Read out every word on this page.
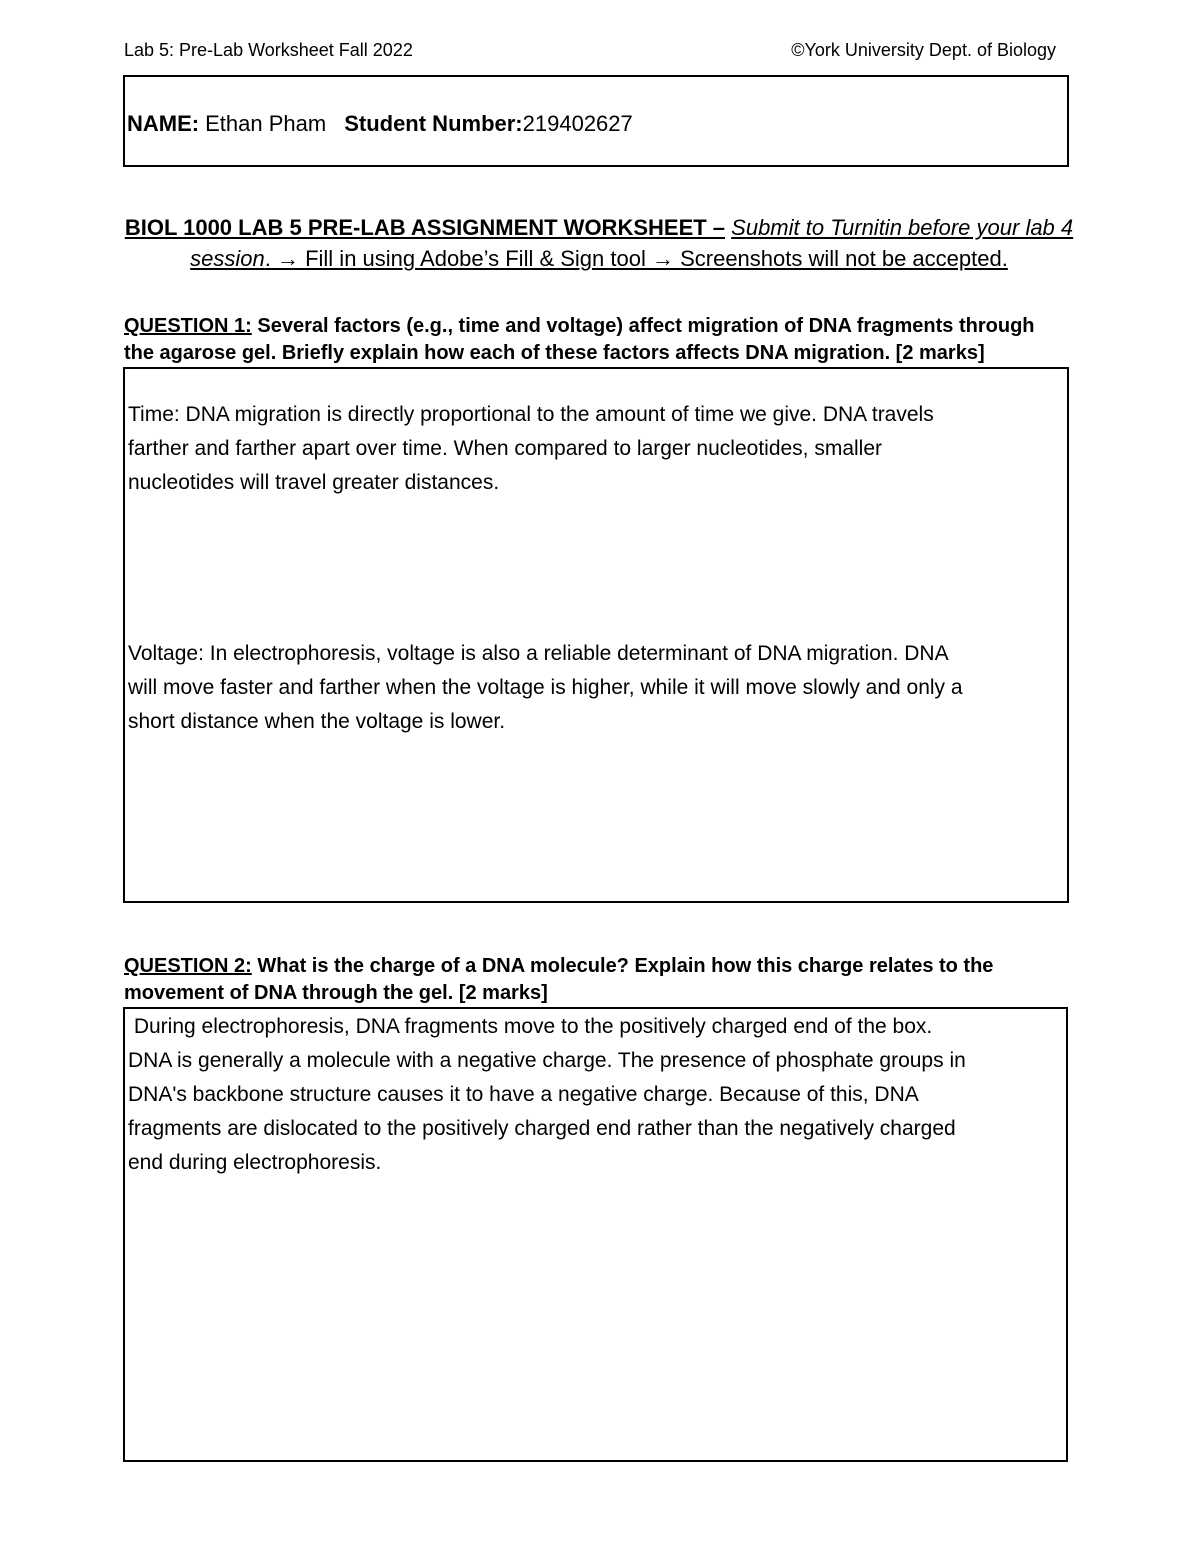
Lab 5: Pre-Lab Worksheet Fall 2022	©York University Dept. of Biology
NAME: Ethan Pham Student Number:219402627
BIOL 1000 LAB 5 PRE-LAB ASSIGNMENT WORKSHEET – Submit to Turnitin before your lab 4 session. → Fill in using Adobe’s Fill & Sign tool → Screenshots will not be accepted.
QUESTION 1: Several factors (e.g., time and voltage) affect migration of DNA fragments through the agarose gel. Briefly explain how each of these factors affects DNA migration. [2 marks]
Time: DNA migration is directly proportional to the amount of time we give. DNA travels
farther and farther apart over time. When compared to larger nucleotides, smaller
nucleotides will travel greater distances.
Voltage: In electrophoresis, voltage is also a reliable determinant of DNA migration. DNA
will move faster and farther when the voltage is higher, while it will move slowly and only a
short distance when the voltage is lower.
QUESTION 2: What is the charge of a DNA molecule? Explain how this charge relates to the movement of DNA through the gel. [2 marks]
During electrophoresis, DNA fragments move to the positively charged end of the box.
DNA is generally a molecule with a negative charge. The presence of phosphate groups in
DNA's backbone structure causes it to have a negative charge. Because of this, DNA
fragments are dislocated to the positively charged end rather than the negatively charged
end during electrophoresis.
